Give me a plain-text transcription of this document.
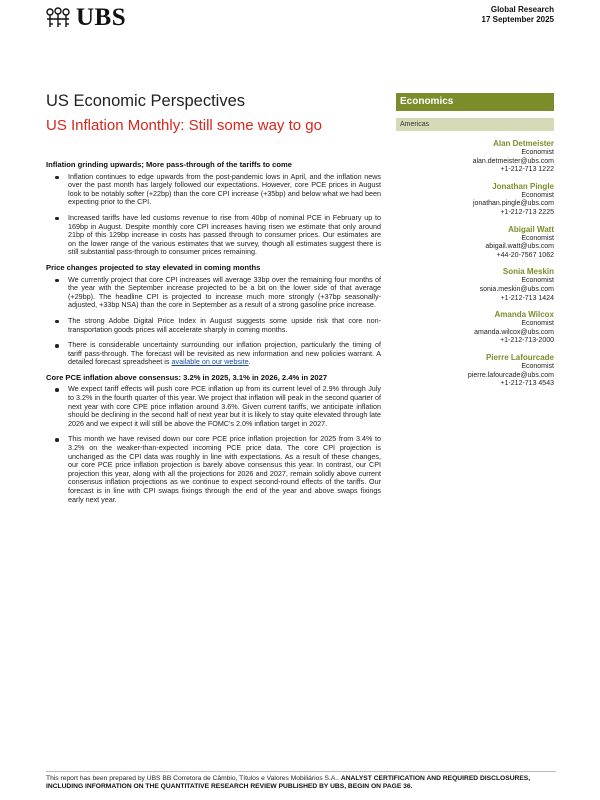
UBS	Global Research
17 September 2025
US Economic Perspectives
US Inflation Monthly: Still some way to go
Economics
Americas
Alan Detmeister
Economist
alan.detmeister@ubs.com
+1-212-713 1222
Jonathan Pingle
Economist
jonathan.pingle@ubs.com
+1-212-713 2225
Abigail Watt
Economist
abigail.watt@ubs.com
+44-20-7567 1062
Sonia Meskin
Economist
sonia.meskin@ubs.com
+1-212-713 1424
Amanda Wilcox
Economist
amanda.wilcox@ubs.com
+1-212-713-2000
Pierre Lafourcade
Economist
pierre.lafourcade@ubs.com
+1-212-713 4543
Inflation grinding upwards; More pass-through of the tariffs to come
Inflation continues to edge upwards from the post-pandemic lows in April, and the inflation news over the past month has largely followed our expectations. However, core PCE prices in August look to be notably softer (+22bp) than the core CPI increase (+35bp) and below what we had been expecting prior to the CPI.
Increased tariffs have led customs revenue to rise from 40bp of nominal PCE in February up to 169bp in August. Despite monthly core CPI increases having risen we estimate that only around 21bp of this 129bp increase in costs has passed through to consumer prices. Our estimates are on the lower range of the various estimates that we survey, though all estimates suggest there is still substantial pass-through to consumer prices remaining.
Price changes projected to stay elevated in coming months
We currently project that core CPI increases will average 33bp over the remaining four months of the year with the September increase projected to be a bit on the lower side of that average (+29bp). The headline CPI is projected to increase much more strongly (+37bp seasonally-adjusted, +33bp NSA) than the core in September as a result of a strong gasoline price increase.
The strong Adobe Digital Price Index in August suggests some upside risk that core non-transportation goods prices will accelerate sharply in coming months.
There is considerable uncertainty surrounding our inflation projection, particularly the timing of tariff pass-through. The forecast will be revisited as new information and new policies warrant. A detailed forecast spreadsheet is available on our website.
Core PCE inflation above consensus: 3.2% in 2025, 3.1% in 2026, 2.4% in 2027
We expect tariff effects will push core PCE inflation up from its current level of 2.9% through July to 3.2% in the fourth quarter of this year. We project that inflation will peak in the second quarter of next year with core CPE price inflation around 3.6%. Given current tariffs, we anticipate inflation should be declining in the second half of next year but it is likely to stay quite elevated through late 2026 and we expect it will still be above the FOMC's 2.0% inflation target in 2027.
This month we have revised down our core PCE price inflation projection for 2025 from 3.4% to 3.2% on the weaker-than-expected incoming PCE price data. The core CPI projection is unchanged as the CPI data was roughly in line with expectations. As a result of these changes, our core PCE price inflation projection is barely above consensus this year. In contrast, our CPI projection this year, along with all the projections for 2026 and 2027, remain solidly above current consensus inflation projections as we continue to expect second-round effects of the tariffs. Our forecast is in line with CPI swaps fixings through the end of the year and above swaps fixings early next year.
This report has been prepared by UBS BB Corretora de Câmbio, Títulos e Valores Mobiliários S.A.. ANALYST CERTIFICATION AND REQUIRED DISCLOSURES, INCLUDING INFORMATION ON THE QUANTITATIVE RESEARCH REVIEW PUBLISHED BY UBS, BEGIN ON PAGE 36.
